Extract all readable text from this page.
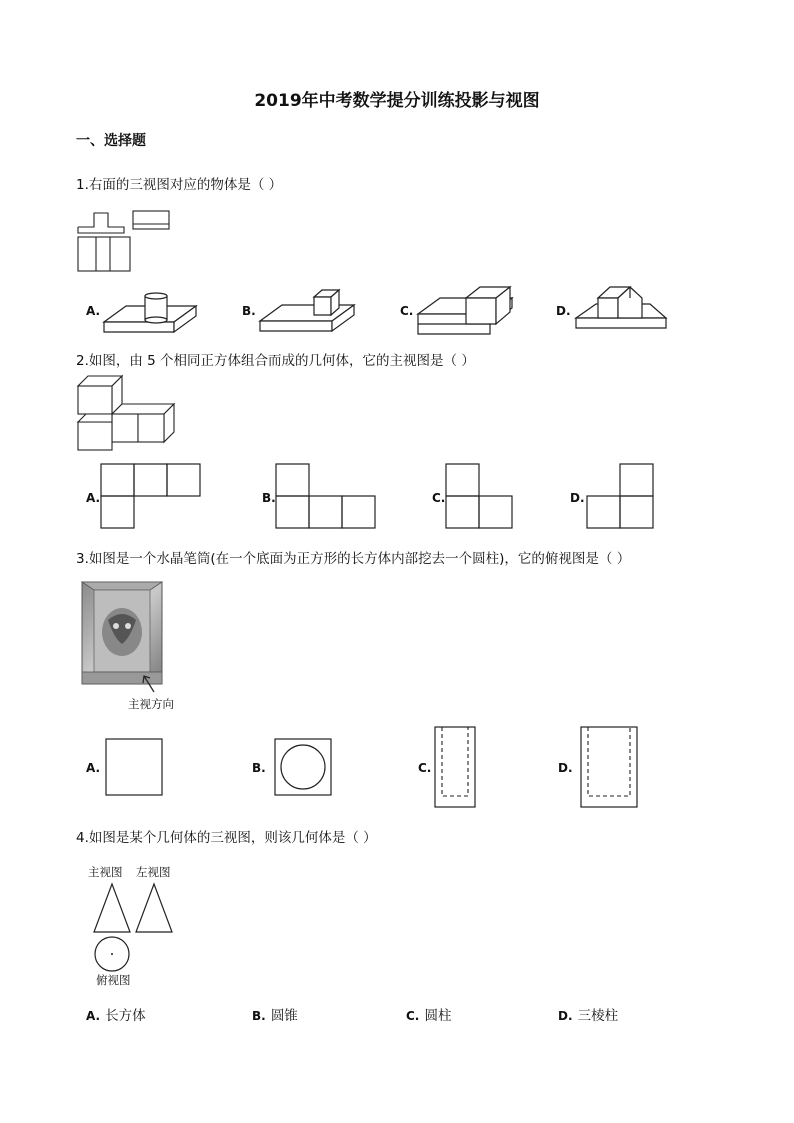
2019年中考数学提分训练投影与视图
一、选择题
1.右面的三视图对应的物体是（ ）
A.	B.	C.	D.
2.如图，由 5 个相同正方体组合而成的几何体，它的主视图是（ ）
A.	B.	C.	D.
3.如图是一个水晶笔筒(在一个底面为正方形的长方体内部挖去一个圆柱)，它的俯视图是（ ）
主视方向
A.	B.	C.	D.
4.如图是某个几何体的三视图，则该几何体是（ ）
主视图 左视图
俯视图
A. 长方体	B. 圆锥	C. 圆柱	D. 三棱柱
